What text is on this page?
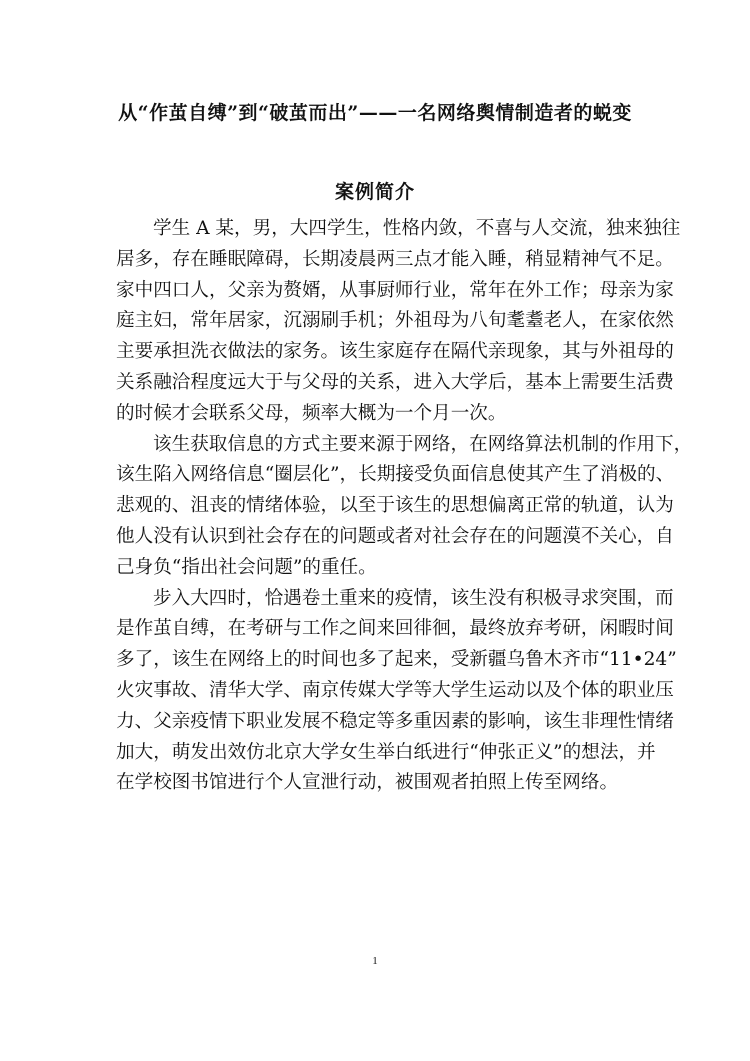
从“作茧自缚”到“破茧而出”——一名网络舆情制造者的蜕变
案例简介
学生 A 某，男，大四学生，性格内敛，不喜与人交流，独来独往
居多，存在睡眠障碍，长期凌晨两三点才能入睡，稍显精神气不足。
家中四口人，父亲为赘婿，从事厨师行业，常年在外工作；母亲为家
庭主妇，常年居家，沉溺刷手机；外祖母为八旬耄耋老人，在家依然
主要承担洗衣做法的家务。该生家庭存在隔代亲现象，其与外祖母的
关系融洽程度远大于与父母的关系，进入大学后，基本上需要生活费
的时候才会联系父母，频率大概为一个月一次。
该生获取信息的方式主要来源于网络，在网络算法机制的作用下，
该生陷入网络信息“圈层化”，长期接受负面信息使其产生了消极的、
悲观的、沮丧的情绪体验，以至于该生的思想偏离正常的轨道，认为
他人没有认识到社会存在的问题或者对社会存在的问题漠不关心，自
己身负“指出社会问题”的重任。
步入大四时，恰遇卷土重来的疫情，该生没有积极寻求突围，而
是作茧自缚，在考研与工作之间来回徘徊，最终放弃考研，闲暇时间
多了，该生在网络上的时间也多了起来，受新疆乌鲁木齐市“11•24”
火灾事故、清华大学、南京传媒大学等大学生运动以及个体的职业压
力、父亲疫情下职业发展不稳定等多重因素的影响，该生非理性情绪
加大，萌发出效仿北京大学女生举白纸进行“伸张正义”的想法，并
在学校图书馆进行个人宣泄行动，被围观者拍照上传至网络。
1
